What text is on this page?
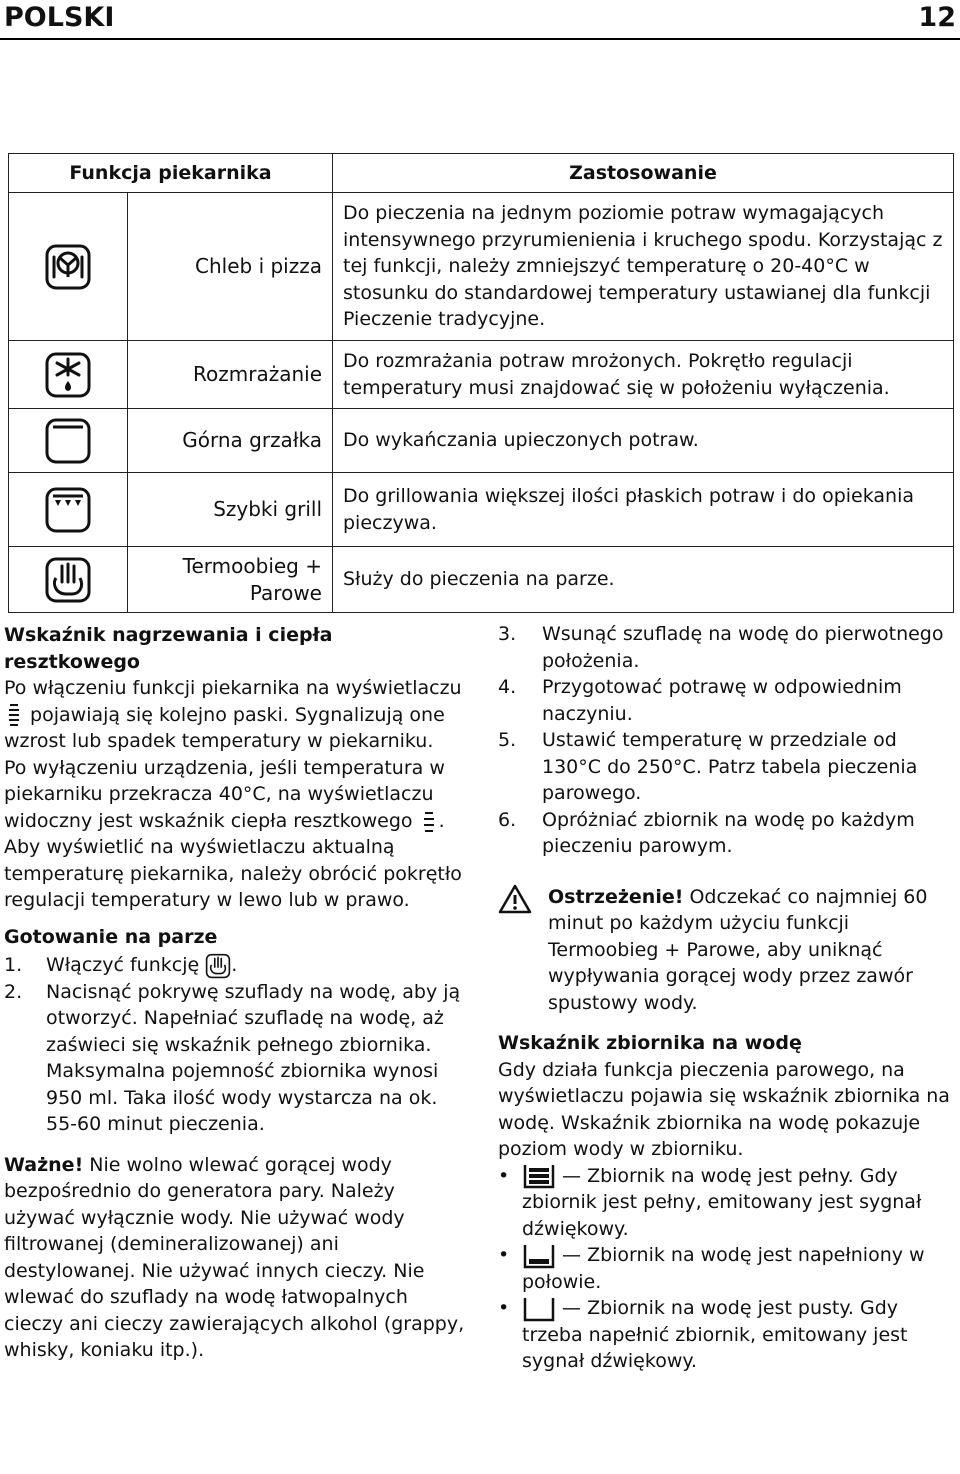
POLSKI	12
Funkcja piekarnika		Zastosowanie
	Chleb i pizza	Do pieczenia na jednym poziomie potraw wymagających intensywnego przyrumienienia i kruchego spodu. Korzystając z tej funkcji, należy zmniejszyć temperaturę o 20-40°C w stosunku do standardowej temperatury ustawianej dla funkcji Pieczenie tradycyjne.
	Rozmrażanie	Do rozmrażania potraw mrożonych. Pokrętło regulacji temperatury musi znajdować się w położeniu wyłączenia.
	Górna grzałka	Do wykańczania upieczonych potraw.
	Szybki grill	Do grillowania większej ilości płaskich potraw i do opiekania pieczywa.
	Termoobieg + Parowe	Służy do pieczenia na parze.

Wskaźnik nagrzewania i ciepła resztkowego

Po włączeniu funkcji piekarnika na wyświetlaczu  pojawiają się kolejno paski. Sygnalizują one wzrost lub spadek temperatury w piekarniku.

Po wyłączeniu urządzenia, jeśli temperatura w piekarniku przekracza 40°C, na wyświetlaczu widoczny jest wskaźnik ciepła resztkowego . Aby wyświetlić na wyświetlaczu aktualną temperaturę piekarnika, należy obrócić pokrętło regulacji temperatury w lewo lub w prawo.

Gotowanie na parze

1.	Włączyć funkcję .
2.	Nacisnąć pokrywę szuflady na wodę, aby ją otworzyć. Napełniać szufladę na wodę, aż zaświeci się wskaźnik pełnego zbiornika. Maksymalna pojemność zbiornika wynosi 950 ml. Taka ilość wody wystarcza na ok. 55-60 minut pieczenia.

Ważne! Nie wolno wlewać gorącej wody bezpośrednio do generatora pary. Należy używać wyłącznie wody. Nie używać wody filtrowanej (demineralizowanej) ani destylowanej. Nie używać innych cieczy. Nie wlewać do szuflady na wodę łatwopalnych cieczy ani cieczy zawierających alkohol (grappy, whisky, koniaku itp.).

3.	Wsunąć szufladę na wodę do pierwotnego położenia.
4.	Przygotować potrawę w odpowiednim naczyniu.
5.	Ustawić temperaturę w przedziale od 130°C do 250°C. Patrz tabela pieczenia parowego.
6.	Opróżniać zbiornik na wodę po każdym pieczeniu parowym.
Ostrzeżenie! Odczekać co najmniej 60 minut po każdym użyciu funkcji Termoobieg + Parowe, aby uniknąć wypływania gorącej wody przez zawór spustowy wody.

Wskaźnik zbiornika na wodę

Gdy działa funkcja pieczenia parowego, na wyświetlaczu pojawia się wskaźnik zbiornika na wodę. Wskaźnik zbiornika na wodę pokazuje poziom wody w zbiorniku.

•	— Zbiornik na wodę jest pełny. Gdy zbiornik jest pełny, emitowany jest sygnał dźwiękowy.
•	— Zbiornik na wodę jest napełniony w połowie.
•	— Zbiornik na wodę jest pusty. Gdy trzeba napełnić zbiornik, emitowany jest sygnał dźwiękowy.
